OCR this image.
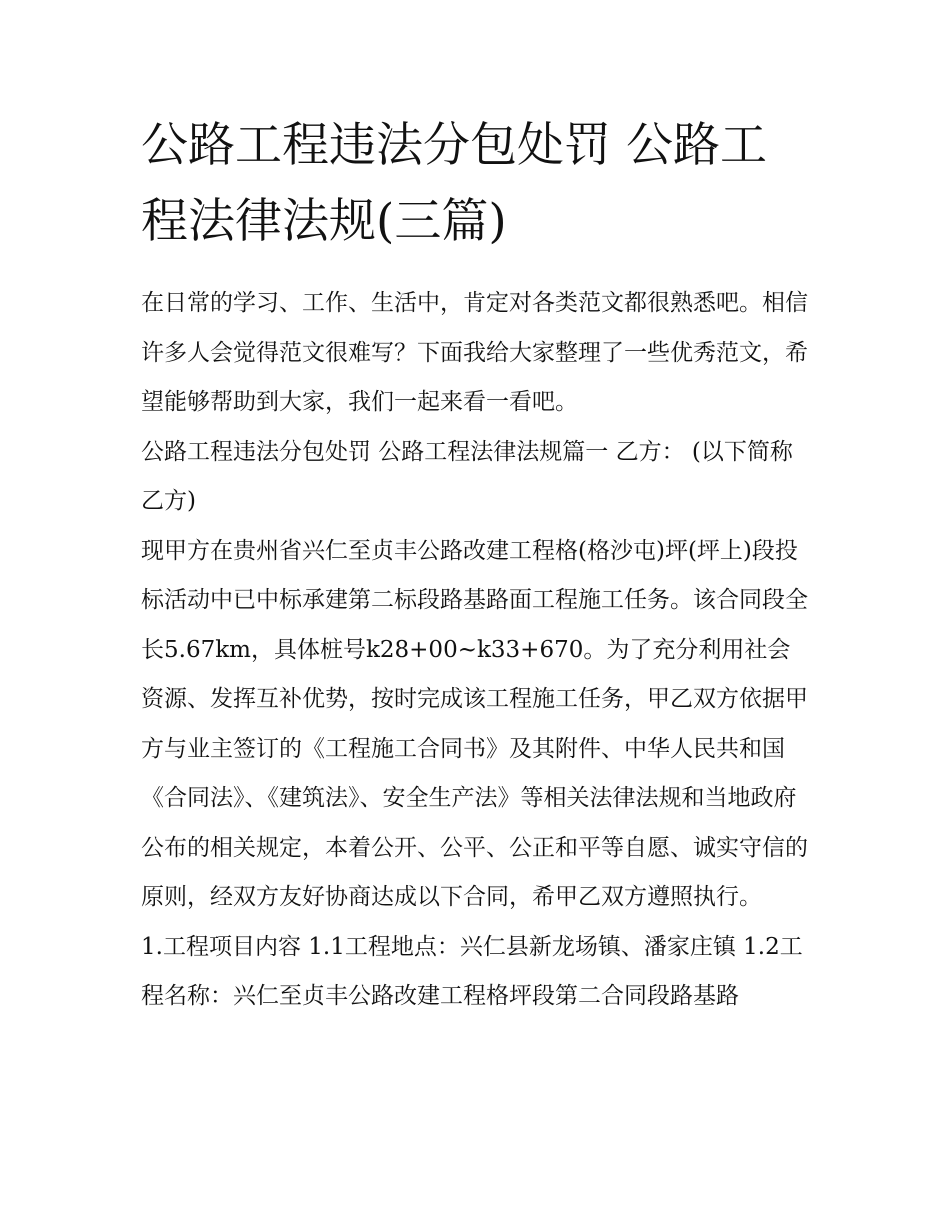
公路工程违法分包处罚 公路工程法律法规(三篇)

在日常的学习、工作、生活中，肯定对各类范文都很熟悉吧。相信许多人会觉得范文很难写？下面我给大家整理了一些优秀范文，希望能够帮助到大家，我们一起来看一看吧。

公路工程违法分包处罚 公路工程法律法规篇一 乙方： (以下简称乙方)

现甲方在贵州省兴仁至贞丰公路改建工程格(格沙屯)坪(坪上)段投标活动中已中标承建第二标段路基路面工程施工任务。该合同段全长5.67km，具体桩号k28+00~k33+670。为了充分利用社会资源、发挥互补优势，按时完成该工程施工任务，甲乙双方依据甲方与业主签订的《工程施工合同书》及其附件、中华人民共和国《合同法》、《建筑法》、安全生产法》等相关法律法规和当地政府公布的相关规定，本着公开、公平、公正和平等自愿、诚实守信的原则，经双方友好协商达成以下合同，希甲乙双方遵照执行。

1.工程项目内容 1.1工程地点：兴仁县新龙场镇、潘家庄镇 1.2工程名称：兴仁至贞丰公路改建工程格坪段第二合同段路基路
